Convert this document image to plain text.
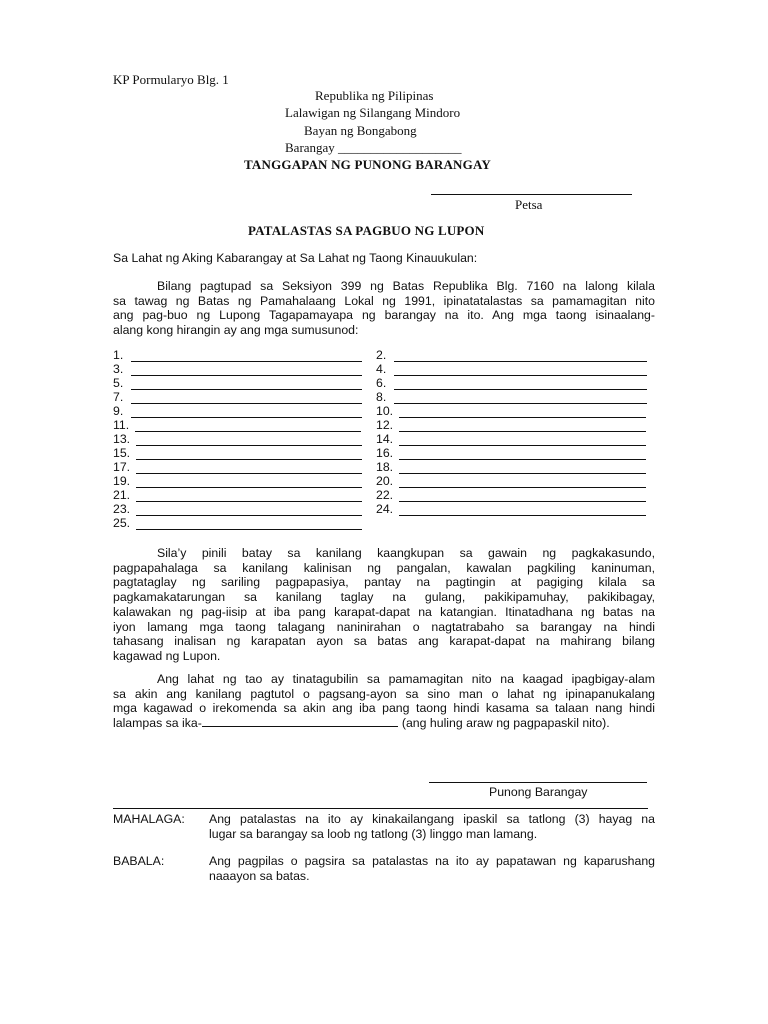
KP Pormularyo Blg. 1
Republika ng Pilipinas
Lalawigan ng Silangang Mindoro
Bayan ng Bongabong
Barangay ___________________
TANGGAPAN NG PUNONG BARANGAY
Petsa
PATALASTAS SA PAGBUO NG LUPON
Sa Lahat ng Aking Kabarangay at Sa Lahat ng Taong Kinauukulan:
Bilang pagtupad sa Seksiyon 399 ng Batas Republika Blg. 7160 na lalong kilala
sa tawag ng Batas ng Pamahalaang Lokal ng 1991, ipinatatalastas sa pamamagitan nito
ang pag-buo ng Lupong Tagapamayapa ng barangay na ito. Ang mga taong isinaalang-
alang kong hirangin ay ang mga sumusunod:
1.	2.
3.	4.
5.	6.
7.	8.
9.	10.
11.	12.
13.	14.
15.	16.
17.	18.
19.	20.
21.	22.
23.	24.
25.
Sila’y pinili batay sa kanilang kaangkupan sa gawain ng pagkakasundo,
pagpapahalaga sa kanilang kalinisan ng pangalan, kawalan pagkiling kaninuman,
pagtataglay ng sariling pagpapasiya, pantay na pagtingin at pagiging kilala sa
pagkamakatarungan sa kanilang taglay na gulang, pakikipamuhay, pakikibagay,
kalawakan ng pag-iisip at iba pang karapat-dapat na katangian. Itinatadhana ng batas na
iyon lamang mga taong talagang naninirahan o nagtatrabaho sa barangay na hindi
tahasang inalisan ng karapatan ayon sa batas ang karapat-dapat na mahirang bilang
kagawad ng Lupon.
Ang lahat ng tao ay tinatagubilin sa pamamagitan nito na kaagad ipagbigay-alam
sa akin ang kanilang pagtutol o pagsang-ayon sa sino man o lahat ng ipinapanukalang
mga kagawad o irekomenda sa akin ang iba pang taong hindi kasama sa talaan nang hindi
lalampas sa ika-	(ang huling araw ng pagpapaskil nito).
Punong Barangay
MAHALAGA: Ang patalastas na ito ay kinakailangang ipaskil sa tatlong (3) hayag na
lugar sa barangay sa loob ng tatlong (3) linggo man lamang.
BABALA:	Ang pagpilas o pagsira sa patalastas na ito ay papatawan ng kaparushang
naaayon sa batas.
